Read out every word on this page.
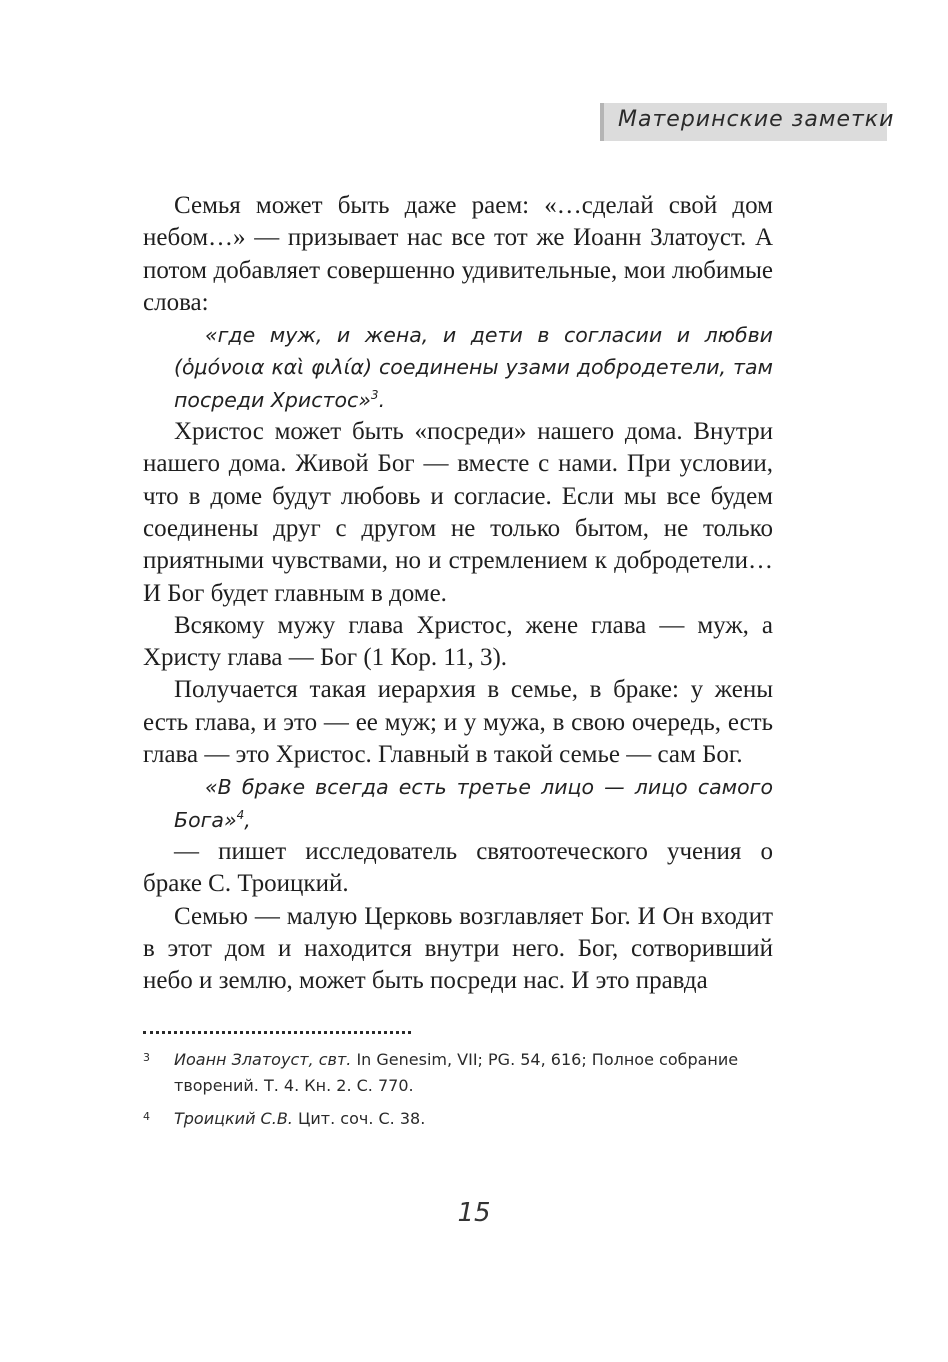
Материнские заметки

Семья может быть даже раем: «…сделай свой дом небом…» — призывает нас все тот же Иоанн Златоуст. А потом добавляет совершенно удивительные, мои любимые слова:

«где муж, и жена, и дети в согласии и любви (ὁμόνοια καὶ φιλία) соединены узами добродетели, там посреди Христос»$^3$.

Христос может быть «посреди» нашего дома. Внутри нашего дома. Живой Бог — вместе с нами. При условии, что в доме будут любовь и согласие. Если мы все будем соединены друг с другом не только бытом, не только приятными чувствами, но и стремлением к добродетели… И Бог будет главным в доме.

Всякому мужу глава Христос, жене глава — муж, а Христу глава — Бог (1 Кор. 11, 3).

Получается такая иерархия в семье, в браке: у жены есть глава, и это — ее муж; и у мужа, в свою очередь, есть глава — это Христос. Главный в такой семье — сам Бог.

«В браке всегда есть третье лицо — лицо самого Бога»$^4$,

— пишет исследователь святоотеческого учения о браке С. Троицкий.

Семью — малую Церковь возглавляет Бог. И Он входит в этот дом и находится внутри него. Бог, сотворивший небо и землю, может быть посреди нас. И это правда

3 Иоанн Златоуст, свт. In Genesim, VII; PG. 54, 616; Полное собрание творений. Т. 4. Кн. 2. С. 770.
4 Троицкий С.В. Цит. соч. С. 38.
15
